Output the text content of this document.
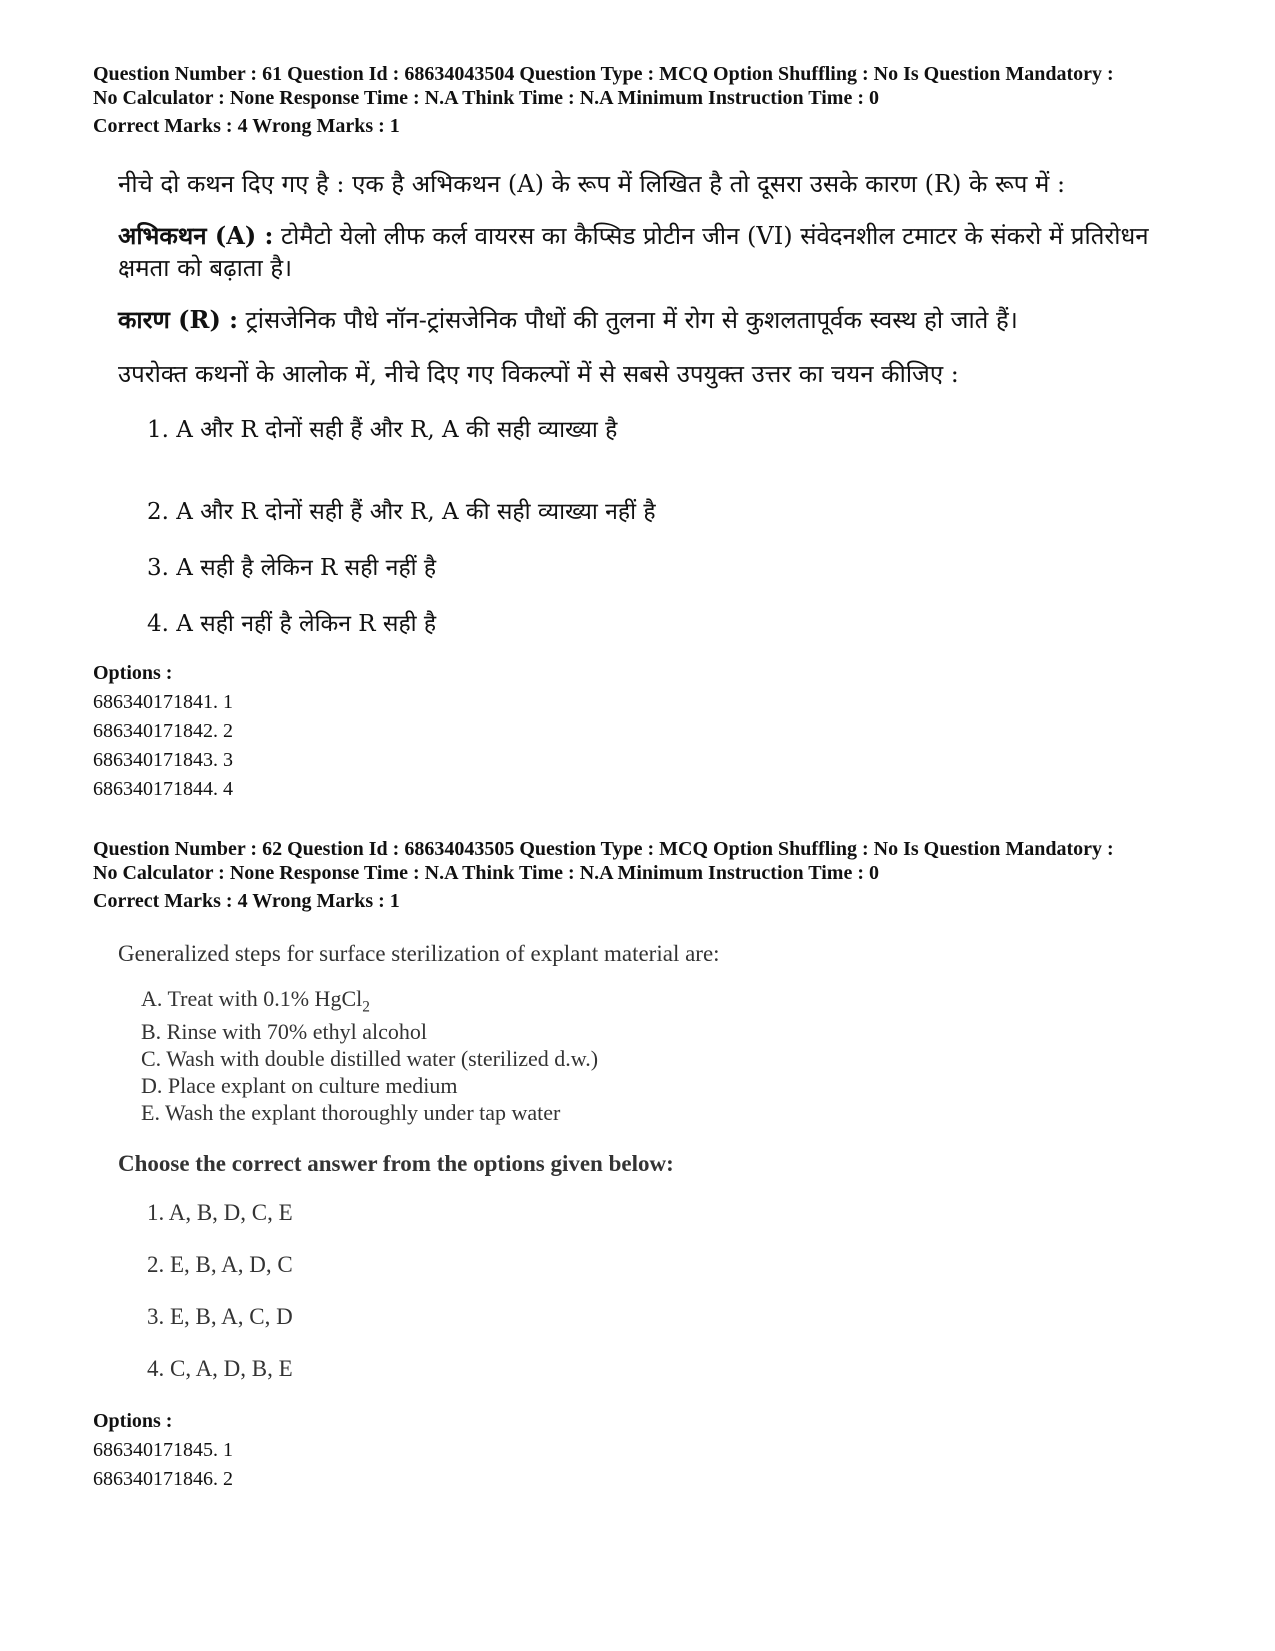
Question Number : 61 Question Id : 68634043504 Question Type : MCQ Option Shuffling : No Is Question Mandatory :
No Calculator : None Response Time : N.A Think Time : N.A Minimum Instruction Time : 0
Correct Marks : 4 Wrong Marks : 1
नीचे दो कथन दिए गए है : एक है अभिकथन (A) के रूप में लिखित है तो दूसरा उसके कारण (R) के रूप में :
अभिकथन (A) : टोमैटो येलो लीफ कर्ल वायरस का कैप्सिड प्रोटीन जीन (VI) संवेदनशील टमाटर के संकरो में प्रतिरोधन
क्षमता को बढ़ाता है।
कारण (R) : ट्रांसजेनिक पौधे नॉन-ट्रांसजेनिक पौधों की तुलना में रोग से कुशलतापूर्वक स्वस्थ हो जाते हैं।
उपरोक्त कथनों के आलोक में, नीचे दिए गए विकल्पों में से सबसे उपयुक्त उत्तर का चयन कीजिए :
1. A और R दोनों सही हैं और R, A की सही व्याख्या है
2. A और R दोनों सही हैं और R, A की सही व्याख्या नहीं है
3. A सही है लेकिन R सही नहीं है
4. A सही नहीं है लेकिन R सही है
Options :
686340171841. 1
686340171842. 2
686340171843. 3
686340171844. 4
Question Number : 62 Question Id : 68634043505 Question Type : MCQ Option Shuffling : No Is Question Mandatory :
No Calculator : None Response Time : N.A Think Time : N.A Minimum Instruction Time : 0
Correct Marks : 4 Wrong Marks : 1
Generalized steps for surface sterilization of explant material are:
A. Treat with 0.1% HgCl$_2$
B. Rinse with 70% ethyl alcohol
C. Wash with double distilled water (sterilized d.w.)
D. Place explant on culture medium
E. Wash the explant thoroughly under tap water
Choose the correct answer from the options given below:
1. A, B, D, C, E
2. E, B, A, D, C
3. E, B, A, C, D
4. C, A, D, B, E
Options :
686340171845. 1
686340171846. 2
